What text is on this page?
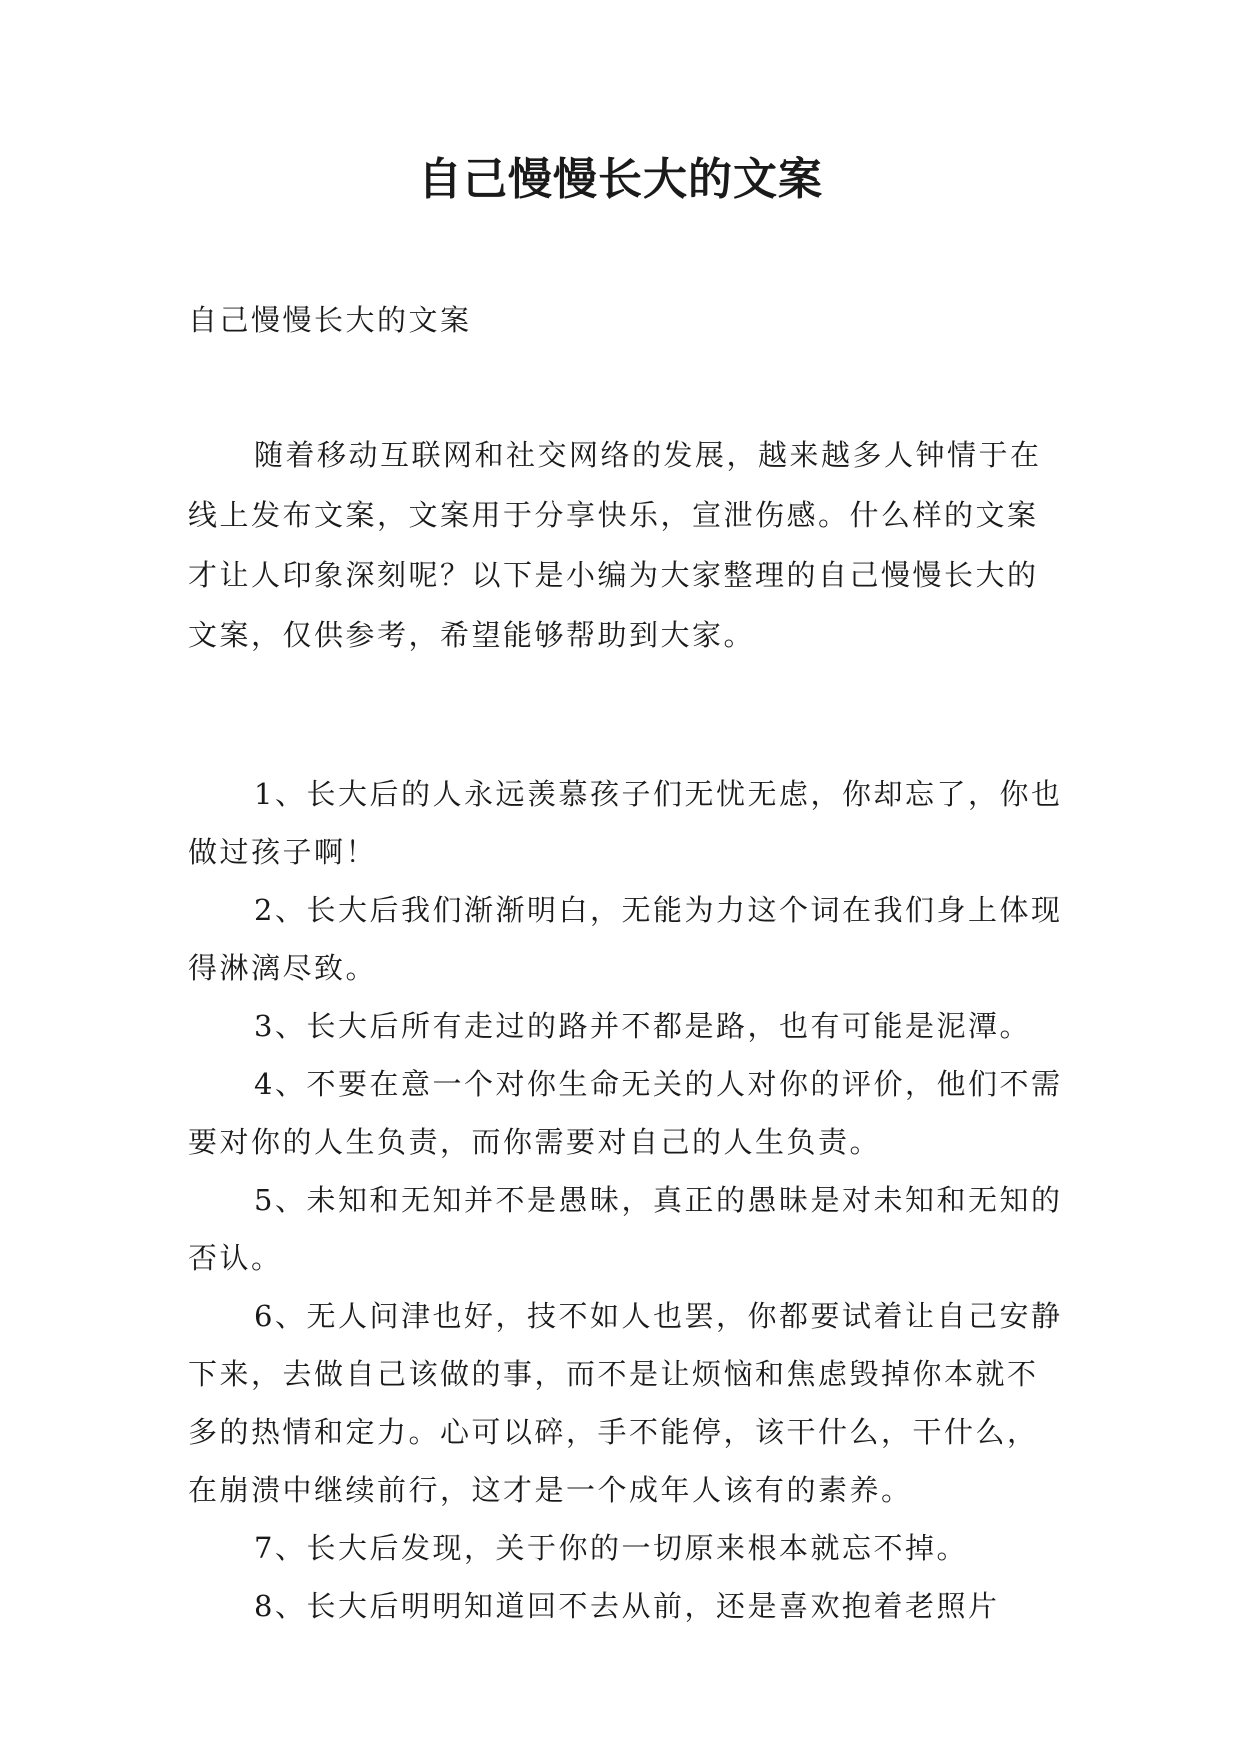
自己慢慢长大的文案

自己慢慢长大的文案

随着移动互联网和社交网络的发展，越来越多人钟情于在线上发布文案，文案用于分享快乐，宣泄伤感。什么样的文案才让人印象深刻呢？以下是小编为大家整理的自己慢慢长大的文案，仅供参考，希望能够帮助到大家。

1、长大后的人永远羡慕孩子们无忧无虑，你却忘了，你也做过孩子啊！

2、长大后我们渐渐明白，无能为力这个词在我们身上体现得淋漓尽致。

3、长大后所有走过的路并不都是路，也有可能是泥潭。

4、不要在意一个对你生命无关的人对你的评价，他们不需要对你的人生负责，而你需要对自己的人生负责。

5、未知和无知并不是愚昧，真正的愚昧是对未知和无知的否认。

6、无人问津也好，技不如人也罢，你都要试着让自己安静下来，去做自己该做的事，而不是让烦恼和焦虑毁掉你本就不多的热情和定力。心可以碎，手不能停，该干什么，干什么，在崩溃中继续前行，这才是一个成年人该有的素养。

7、长大后发现，关于你的一切原来根本就忘不掉。

8、长大后明明知道回不去从前，还是喜欢抱着老照片
